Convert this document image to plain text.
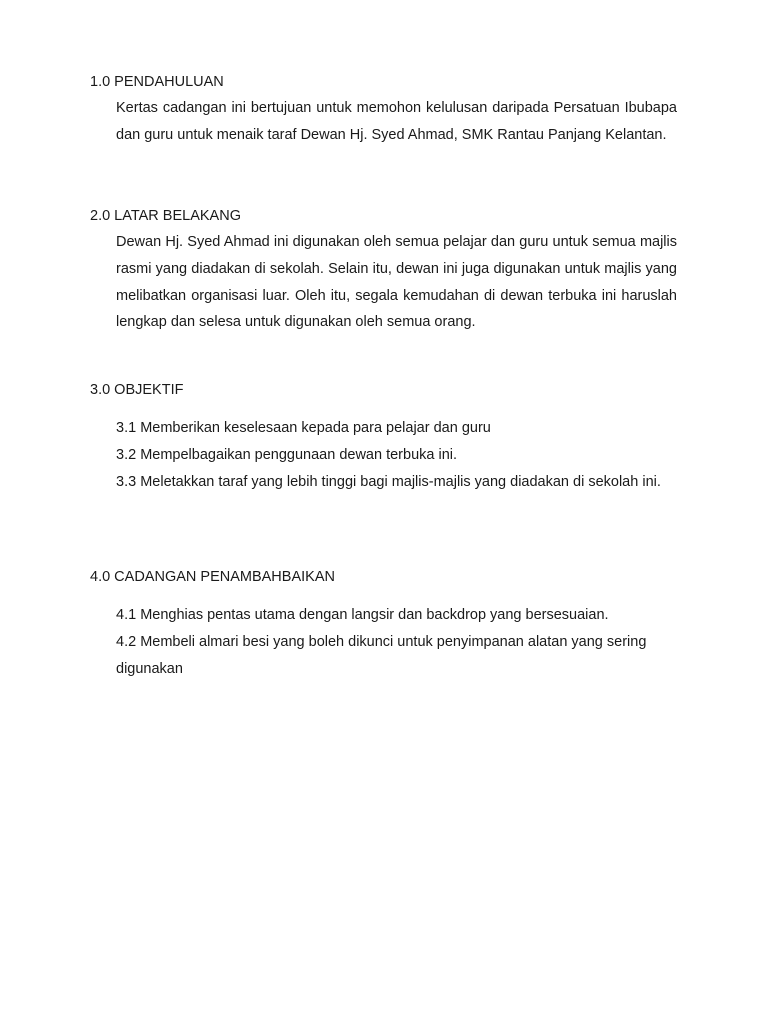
1.0 PENDAHULUAN

Kertas cadangan ini bertujuan untuk memohon kelulusan daripada Persatuan Ibubapa dan guru untuk menaik taraf Dewan Hj. Syed Ahmad, SMK Rantau Panjang Kelantan.

2.0 LATAR BELAKANG

Dewan Hj. Syed Ahmad ini digunakan oleh semua pelajar dan guru untuk semua majlis rasmi yang diadakan di sekolah. Selain itu, dewan ini juga digunakan untuk majlis yang melibatkan organisasi luar. Oleh itu, segala kemudahan di dewan terbuka ini haruslah lengkap dan selesa untuk digunakan oleh semua orang.

3.0 OBJEKTIF
3.1 Memberikan keselesaan kepada para pelajar dan guru
3.2 Mempelbagaikan penggunaan dewan terbuka ini.
3.3 Meletakkan taraf yang lebih tinggi bagi majlis-majlis yang diadakan di sekolah ini.
4.0 CADANGAN PENAMBAHBAIKAN
4.1 Menghias pentas utama dengan langsir dan backdrop yang bersesuaian.
4.2 Membeli almari besi yang boleh dikunci untuk penyimpanan alatan yang sering digunakan
